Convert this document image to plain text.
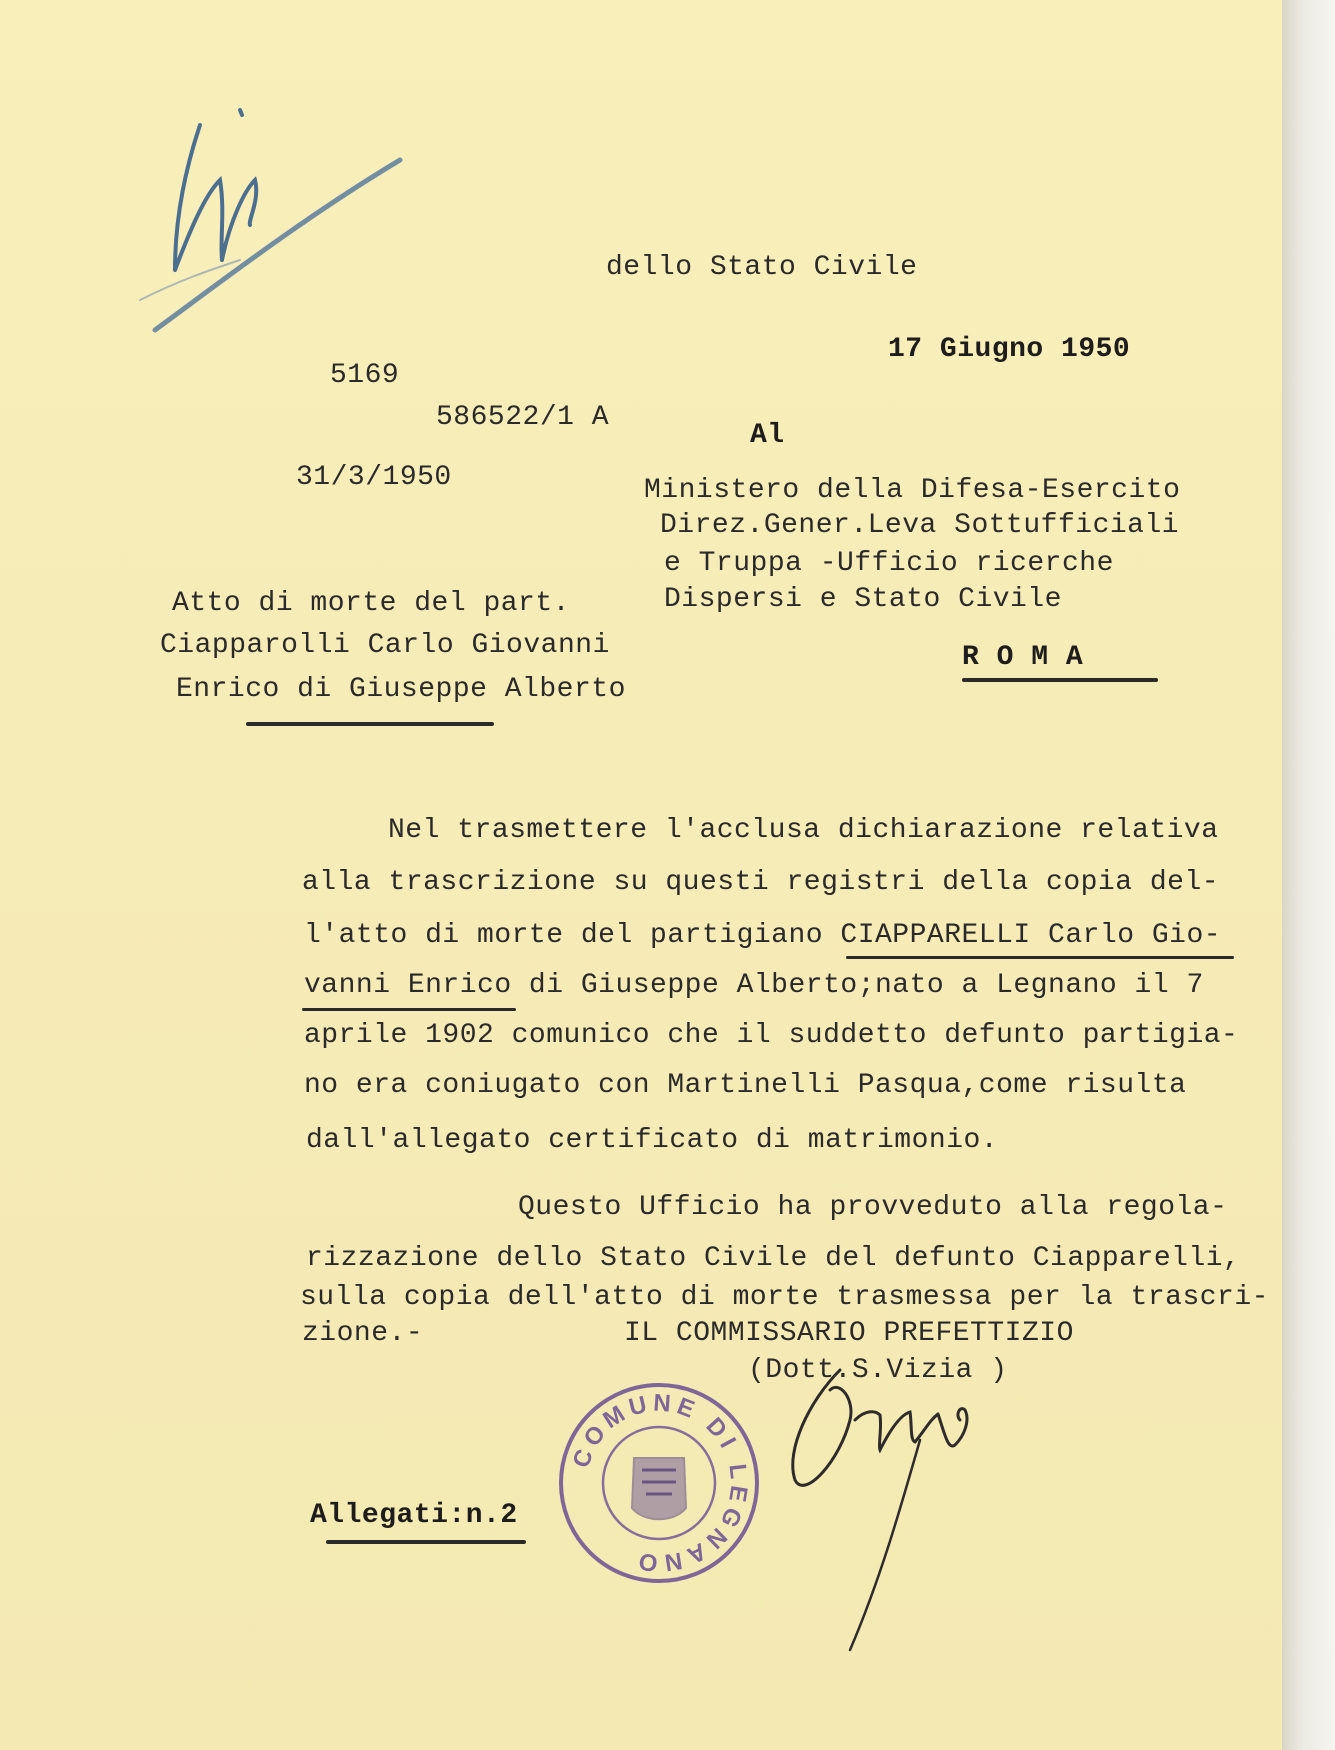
dello Stato Civile
17 Giugno 1950
5169
586522/1 A
Al
31/3/1950	Ministero della Difesa-Esercito
Direz.Gener.Leva Sottufficiali
e Truppa -Ufficio ricerche
Dispersi e Stato Civile
R O M A
Atto di morte del part.
Ciapparolli Carlo Giovanni
Enrico di Giuseppe Alberto
Nel trasmettere l'acclusa dichiarazione relativa
alla trascrizione su questi registri della copia del-
l'atto di morte del partigiano CIAPPARELLI Carlo Gio-
vanni Enrico di Giuseppe Alberto;nato a Legnano il 7
aprile 1902 comunico che il suddetto defunto partigia-
no era coniugato con Martinelli Pasqua,come risulta
dall'allegato certificato di matrimonio.
Questo Ufficio ha provveduto alla regola-
rizzazione dello Stato Civile del defunto Ciapparelli,
sulla copia dell'atto di morte trasmessa per la trascri-
zione.-	IL COMMISSARIO PREFETTIZIO
(Dott.S.Vizia )
COMUNE DI LEGNANO
Allegati:n.2
